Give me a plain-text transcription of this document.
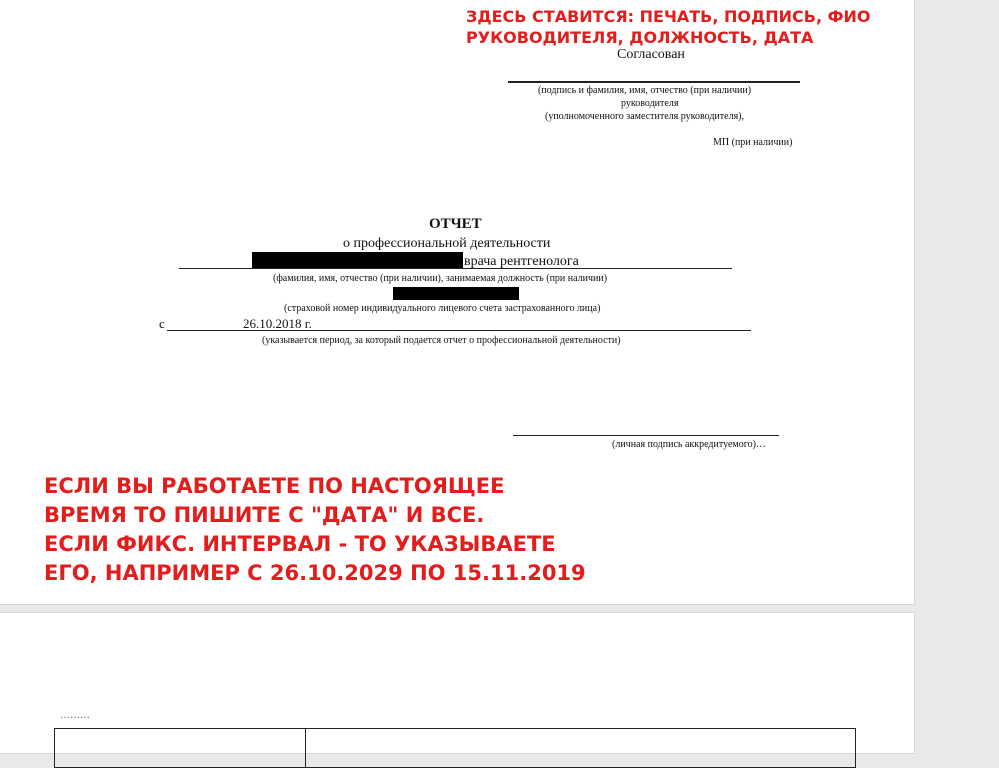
ЗДЕСЬ СТАВИТСЯ: ПЕЧАТЬ, ПОДПИСЬ, ФИО
РУКОВОДИТЕЛЯ, ДОЛЖНОСТЬ, ДАТА
Согласован
(подпись и фамилия, имя, отчество (при наличии)
руководителя
(уполномоченного заместителя руководителя),
МП (при наличии)
ОТЧЕТ
о профессиональной деятельности
, врача рентгенолога
(фамилия, имя, отчество (при наличии), занимаемая должность (при наличии)
(страховой номер индивидуального лицевого счета застрахованного лица)
с	26.10.2018 г.
(указывается период, за который подается отчет о профессиональной деятельности)
(личная подпись аккредитуемого)…
ЕСЛИ ВЫ РАБОТАЕТЕ ПО НАСТОЯЩЕЕ
ВРЕМЯ ТО ПИШИТЕ С "ДАТА" И ВСЕ.
ЕСЛИ ФИКС. ИНТЕРВАЛ - ТО УКАЗЫВАЕТЕ
ЕГО, НАПРИМЕР С 26.10.2029 ПО 15.11.2019
………
